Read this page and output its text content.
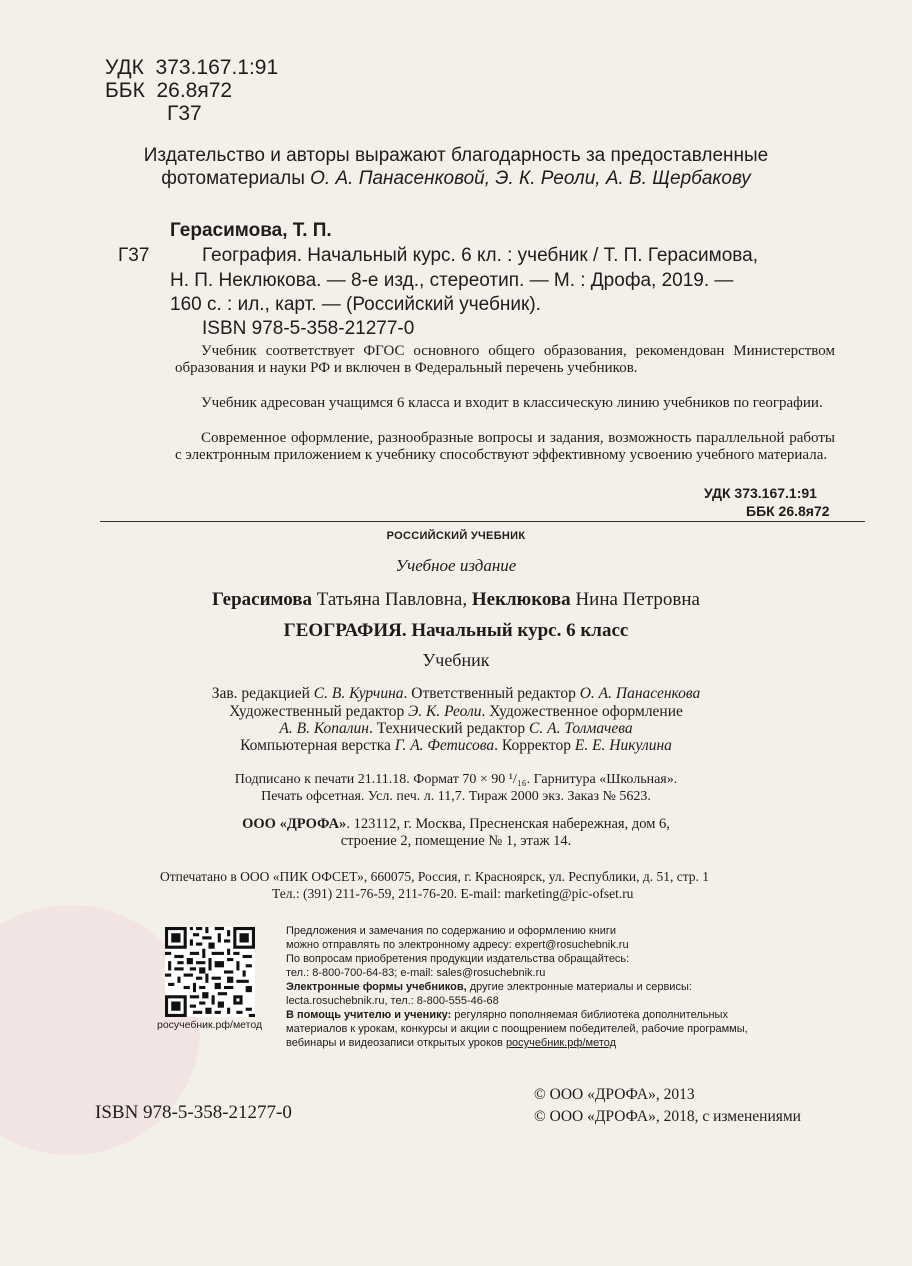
УДК 373.167.1:91
ББК 26.8я72
Г37
Издательство и авторы выражают благодарность за предоставленные
фотоматериалы О. А. Панасенковой, Э. К. Реоли, А. В. Щербакову
Герасимова, Т. П.
Г37	География. Начальный курс. 6 кл. : учебник / Т. П. Герасимова,
Н. П. Неклюкова. — 8-е изд., стереотип. — М. : Дрофа, 2019. —
160 с. : ил., карт. — (Российский учебник).
ISBN 978-5-358-21277-0
Учебник соответствует ФГОС основного общего образования, рекомендован Министерством образования и науки РФ и включен в Федеральный перечень учебников.
Учебник адресован учащимся 6 класса и входит в классическую линию учебников по географии.
Современное оформление, разнообразные вопросы и задания, возможность параллельной работы с электронным приложением к учебнику способствуют эффективному усвоению учебного материала.
УДК 373.167.1:91
ББК 26.8я72
РОССИЙСКИЙ УЧЕБНИК
Учебное издание
Герасимова Татьяна Павловна, Неклюкова Нина Петровна
ГЕОГРАФИЯ. Начальный курс. 6 класс
Учебник
Зав. редакцией С. В. Курчина. Ответственный редактор О. А. Панасенкова
Художественный редактор Э. К. Реоли. Художественное оформление
А. В. Копалин. Технический редактор С. А. Толмачева
Компьютерная верстка Г. А. Фетисова. Корректор Е. Е. Никулина
Подписано к печати 21.11.18. Формат 70 × 90 ¹/₁₆. Гарнитура «Школьная».
Печать офсетная. Усл. печ. л. 11,7. Тираж 2000 экз. Заказ № 5623.
ООО «ДРОФА». 123112, г. Москва, Пресненская набережная, дом 6,
строение 2, помещение № 1, этаж 14.
Отпечатано в ООО «ПИК ОФСЕТ», 660075, Россия, г. Красноярск, ул. Республики, д. 51, стр. 1
Тел.: (391) 211-76-59, 211-76-20. E-mail: marketing@pic-ofset.ru
росучебник.рф/метод
Предложения и замечания по содержанию и оформлению книги
можно отправлять по электронному адресу: expert@rosuchebnik.ru
По вопросам приобретения продукции издательства обращайтесь:
тел.: 8-800-700-64-83; e-mail: sales@rosuchebnik.ru
Электронные формы учебников, другие электронные материалы и сервисы:
lecta.rosuchebnik.ru, тел.: 8-800-555-46-68
В помощь учителю и ученику: регулярно пополняемая библиотека дополнительных
материалов к урокам, конкурсы и акции с поощрением победителей, рабочие программы,
вебинары и видеозаписи открытых уроков росучебник.рф/метод
ISBN 978-5-358-21277-0
© ООО «ДРОФА», 2013
© ООО «ДРОФА», 2018, с изменениями
